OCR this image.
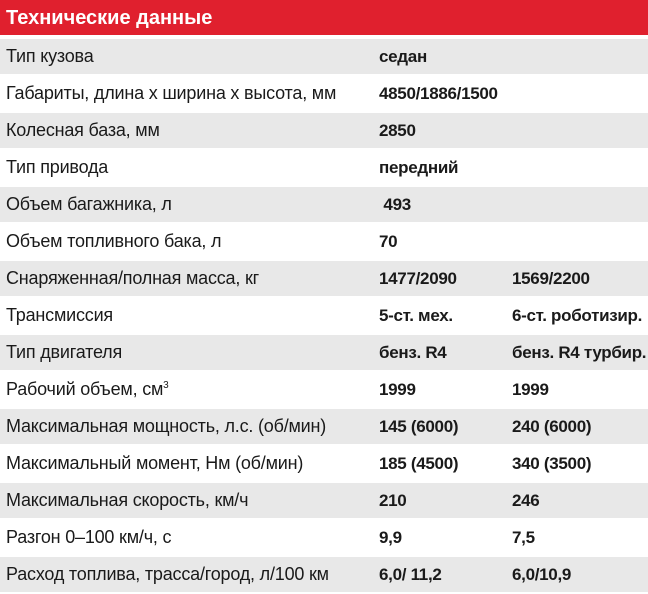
Технические данные
Тип кузова	седан
Габариты, длина х ширина х высота, мм	4850/1886/1500
Колесная база, мм	2850
Тип привода	передний
Объем багажника, л	493
Объем топливного бака, л	70
Снаряженная/полная масса, кг	1477/2090	1569/2200
Трансмиссия	5-ст. мех.	6-ст. роботизир.
Тип двигателя	бенз. R4	бенз. R4 турбир.
Рабочий объем, $см^3$	1999	1999
Максимальная мощность, л.с. (об/мин)	145 (6000)	240 (6000)
Максимальный момент, Нм (об/мин)	185 (4500)	340 (3500)
Максимальная скорость, км/ч	210	246
Разгон 0–100 км/ч, с	9,9	7,5
Расход топлива, трасса/город, л/100 км	6,0/ 11,2	6,0/10,9
